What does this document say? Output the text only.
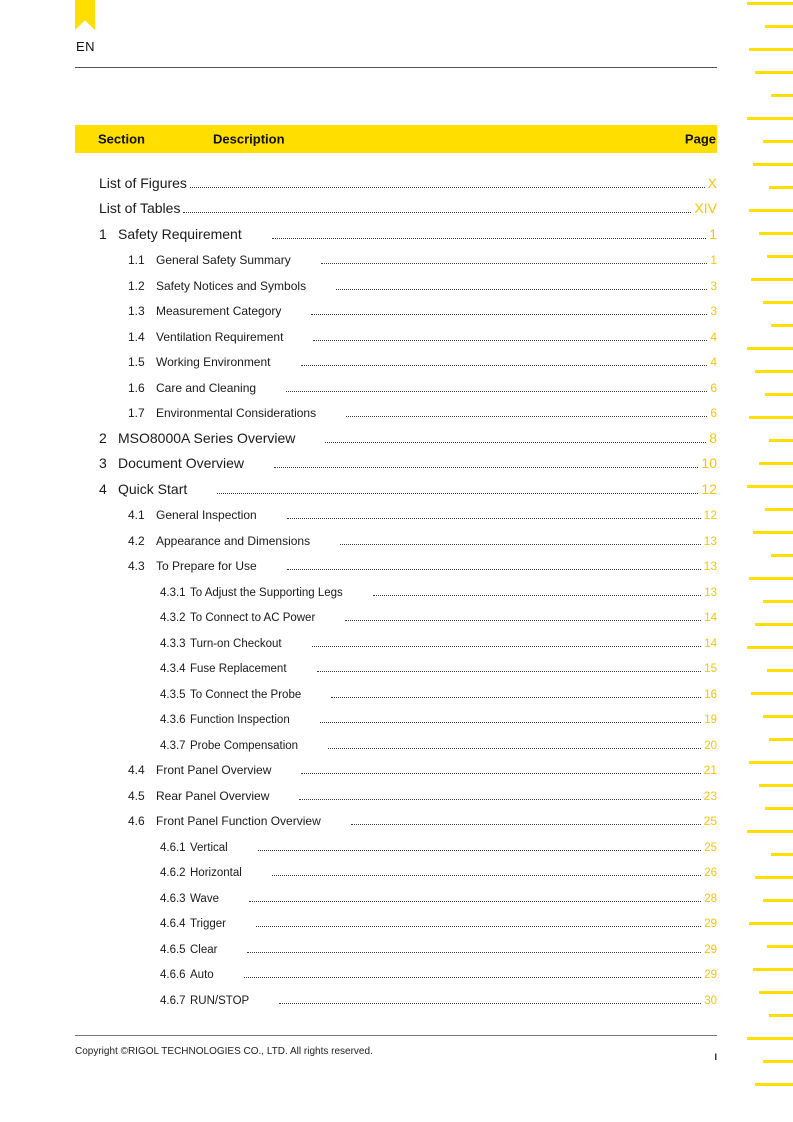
EN
Section	Description	Page
List of Figures	X
List of Tables	XIV
1 Safety Requirement	1
1.1 General Safety Summary	1
1.2 Safety Notices and Symbols	3
1.3 Measurement Category	3
1.4 Ventilation Requirement	4
1.5 Working Environment	4
1.6 Care and Cleaning	6
1.7 Environmental Considerations	6
2 MSO8000A Series Overview	8
3 Document Overview	10
4 Quick Start	12
4.1 General Inspection	12
4.2 Appearance and Dimensions	13
4.3 To Prepare for Use	13
4.3.1 To Adjust the Supporting Legs	13
4.3.2 To Connect to AC Power	14
4.3.3 Turn-on Checkout	14
4.3.4 Fuse Replacement	15
4.3.5 To Connect the Probe	16
4.3.6 Function Inspection	19
4.3.7 Probe Compensation	20
4.4 Front Panel Overview	21
4.5 Rear Panel Overview	23
4.6 Front Panel Function Overview	25
4.6.1 Vertical	25
4.6.2 Horizontal	26
4.6.3 Wave	28
4.6.4 Trigger	29
4.6.5 Clear	29
4.6.6 Auto	29
4.6.7 RUN/STOP	30
Copyright ©RIGOL TECHNOLOGIES CO., LTD. All rights reserved.	I
